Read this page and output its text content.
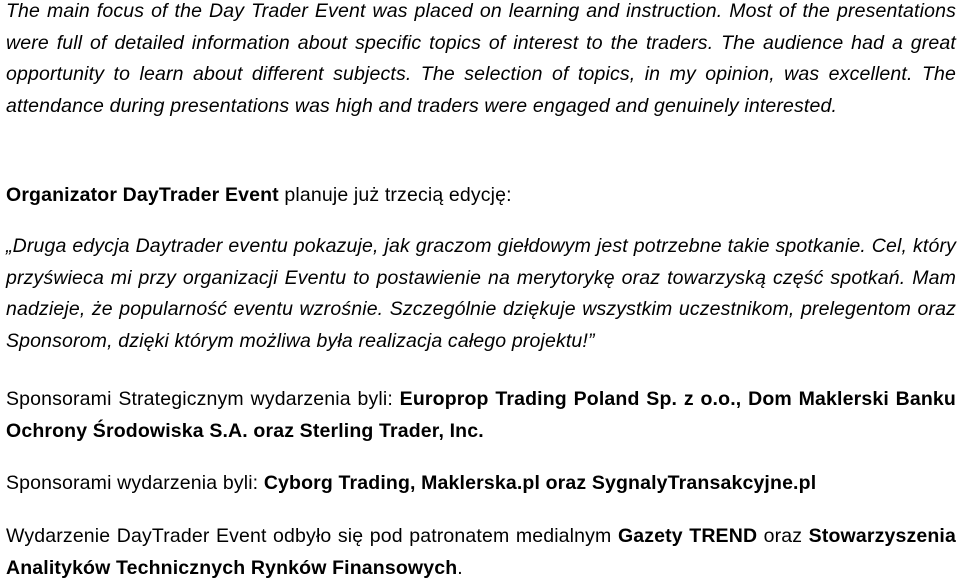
The main focus of the Day Trader Event was placed on learning and instruction. Most of the presentations were full of detailed information about specific topics of interest to the traders. The audience had a great opportunity to learn about different subjects. The selection of topics, in my opinion, was excellent. The attendance during presentations was high and traders were engaged and genuinely interested.

Organizator DayTrader Event planuje już trzecią edycję:

„Druga edycja Daytrader eventu pokazuje, jak graczom giełdowym jest potrzebne takie spotkanie. Cel, który przyświeca mi przy organizacji Eventu to postawienie na merytorykę oraz towarzyską część spotkań. Mam nadzieje, że popularność eventu wzrośnie. Szczególnie dziękuje wszystkim uczestnikom, prelegentom oraz Sponsorom, dzięki którym możliwa była realizacja całego projektu!”

Sponsorami Strategicznym wydarzenia byli: Europrop Trading Poland Sp. z o.o., Dom Maklerski Banku Ochrony Środowiska S.A. oraz Sterling Trader, Inc.

Sponsorami wydarzenia byli: Cyborg Trading, Maklerska.pl oraz SygnalyTransakcyjne.pl

Wydarzenie DayTrader Event odbyło się pod patronatem medialnym Gazety TREND oraz Stowarzyszenia Analityków Technicznych Rynków Finansowych.
